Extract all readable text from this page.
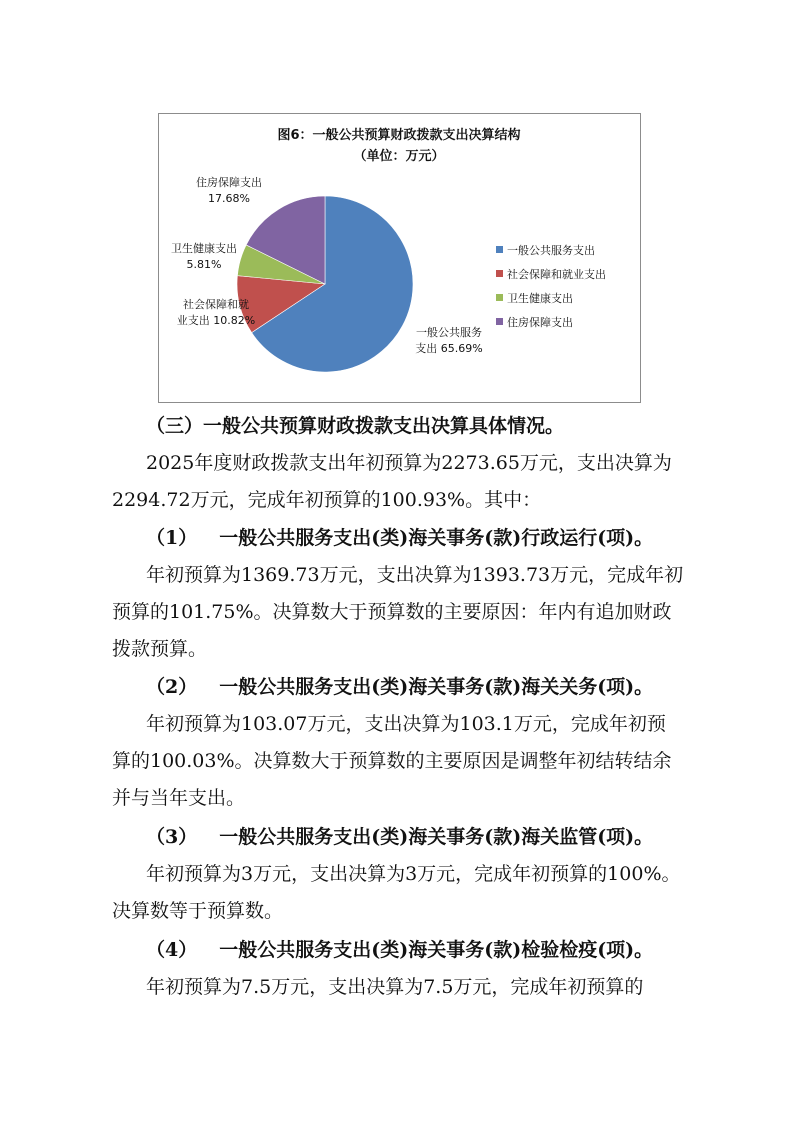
图6：一般公共预算财政拨款支出决算结构
（单位：万元）
一般公共服务支出 65.69%
社会保障和就业支出 10.82%
卫生健康支出 5.81%
住房保障支出 17.68%
一般公共服务支出
社会保障和就业支出
卫生健康支出
住房保障支出
（三）一般公共预算财政拨款支出决算具体情况。
2025年度财政拨款支出年初预算为2273.65万元，支出决算为
2294.72万元，完成年初预算的100.93%。其中：
（1） 一般公共服务支出(类)海关事务(款)行政运行(项)。
年初预算为1369.73万元，支出决算为1393.73万元，完成年初
预算的101.75%。决算数大于预算数的主要原因：年内有追加财政
拨款预算。
（2） 一般公共服务支出(类)海关事务(款)海关关务(项)。
年初预算为103.07万元，支出决算为103.1万元，完成年初预
算的100.03%。决算数大于预算数的主要原因是调整年初结转结余
并与当年支出。
（3） 一般公共服务支出(类)海关事务(款)海关监管(项)。
年初预算为3万元，支出决算为3万元，完成年初预算的100%。
决算数等于预算数。
（4） 一般公共服务支出(类)海关事务(款)检验检疫(项)。
年初预算为7.5万元，支出决算为7.5万元，完成年初预算的
